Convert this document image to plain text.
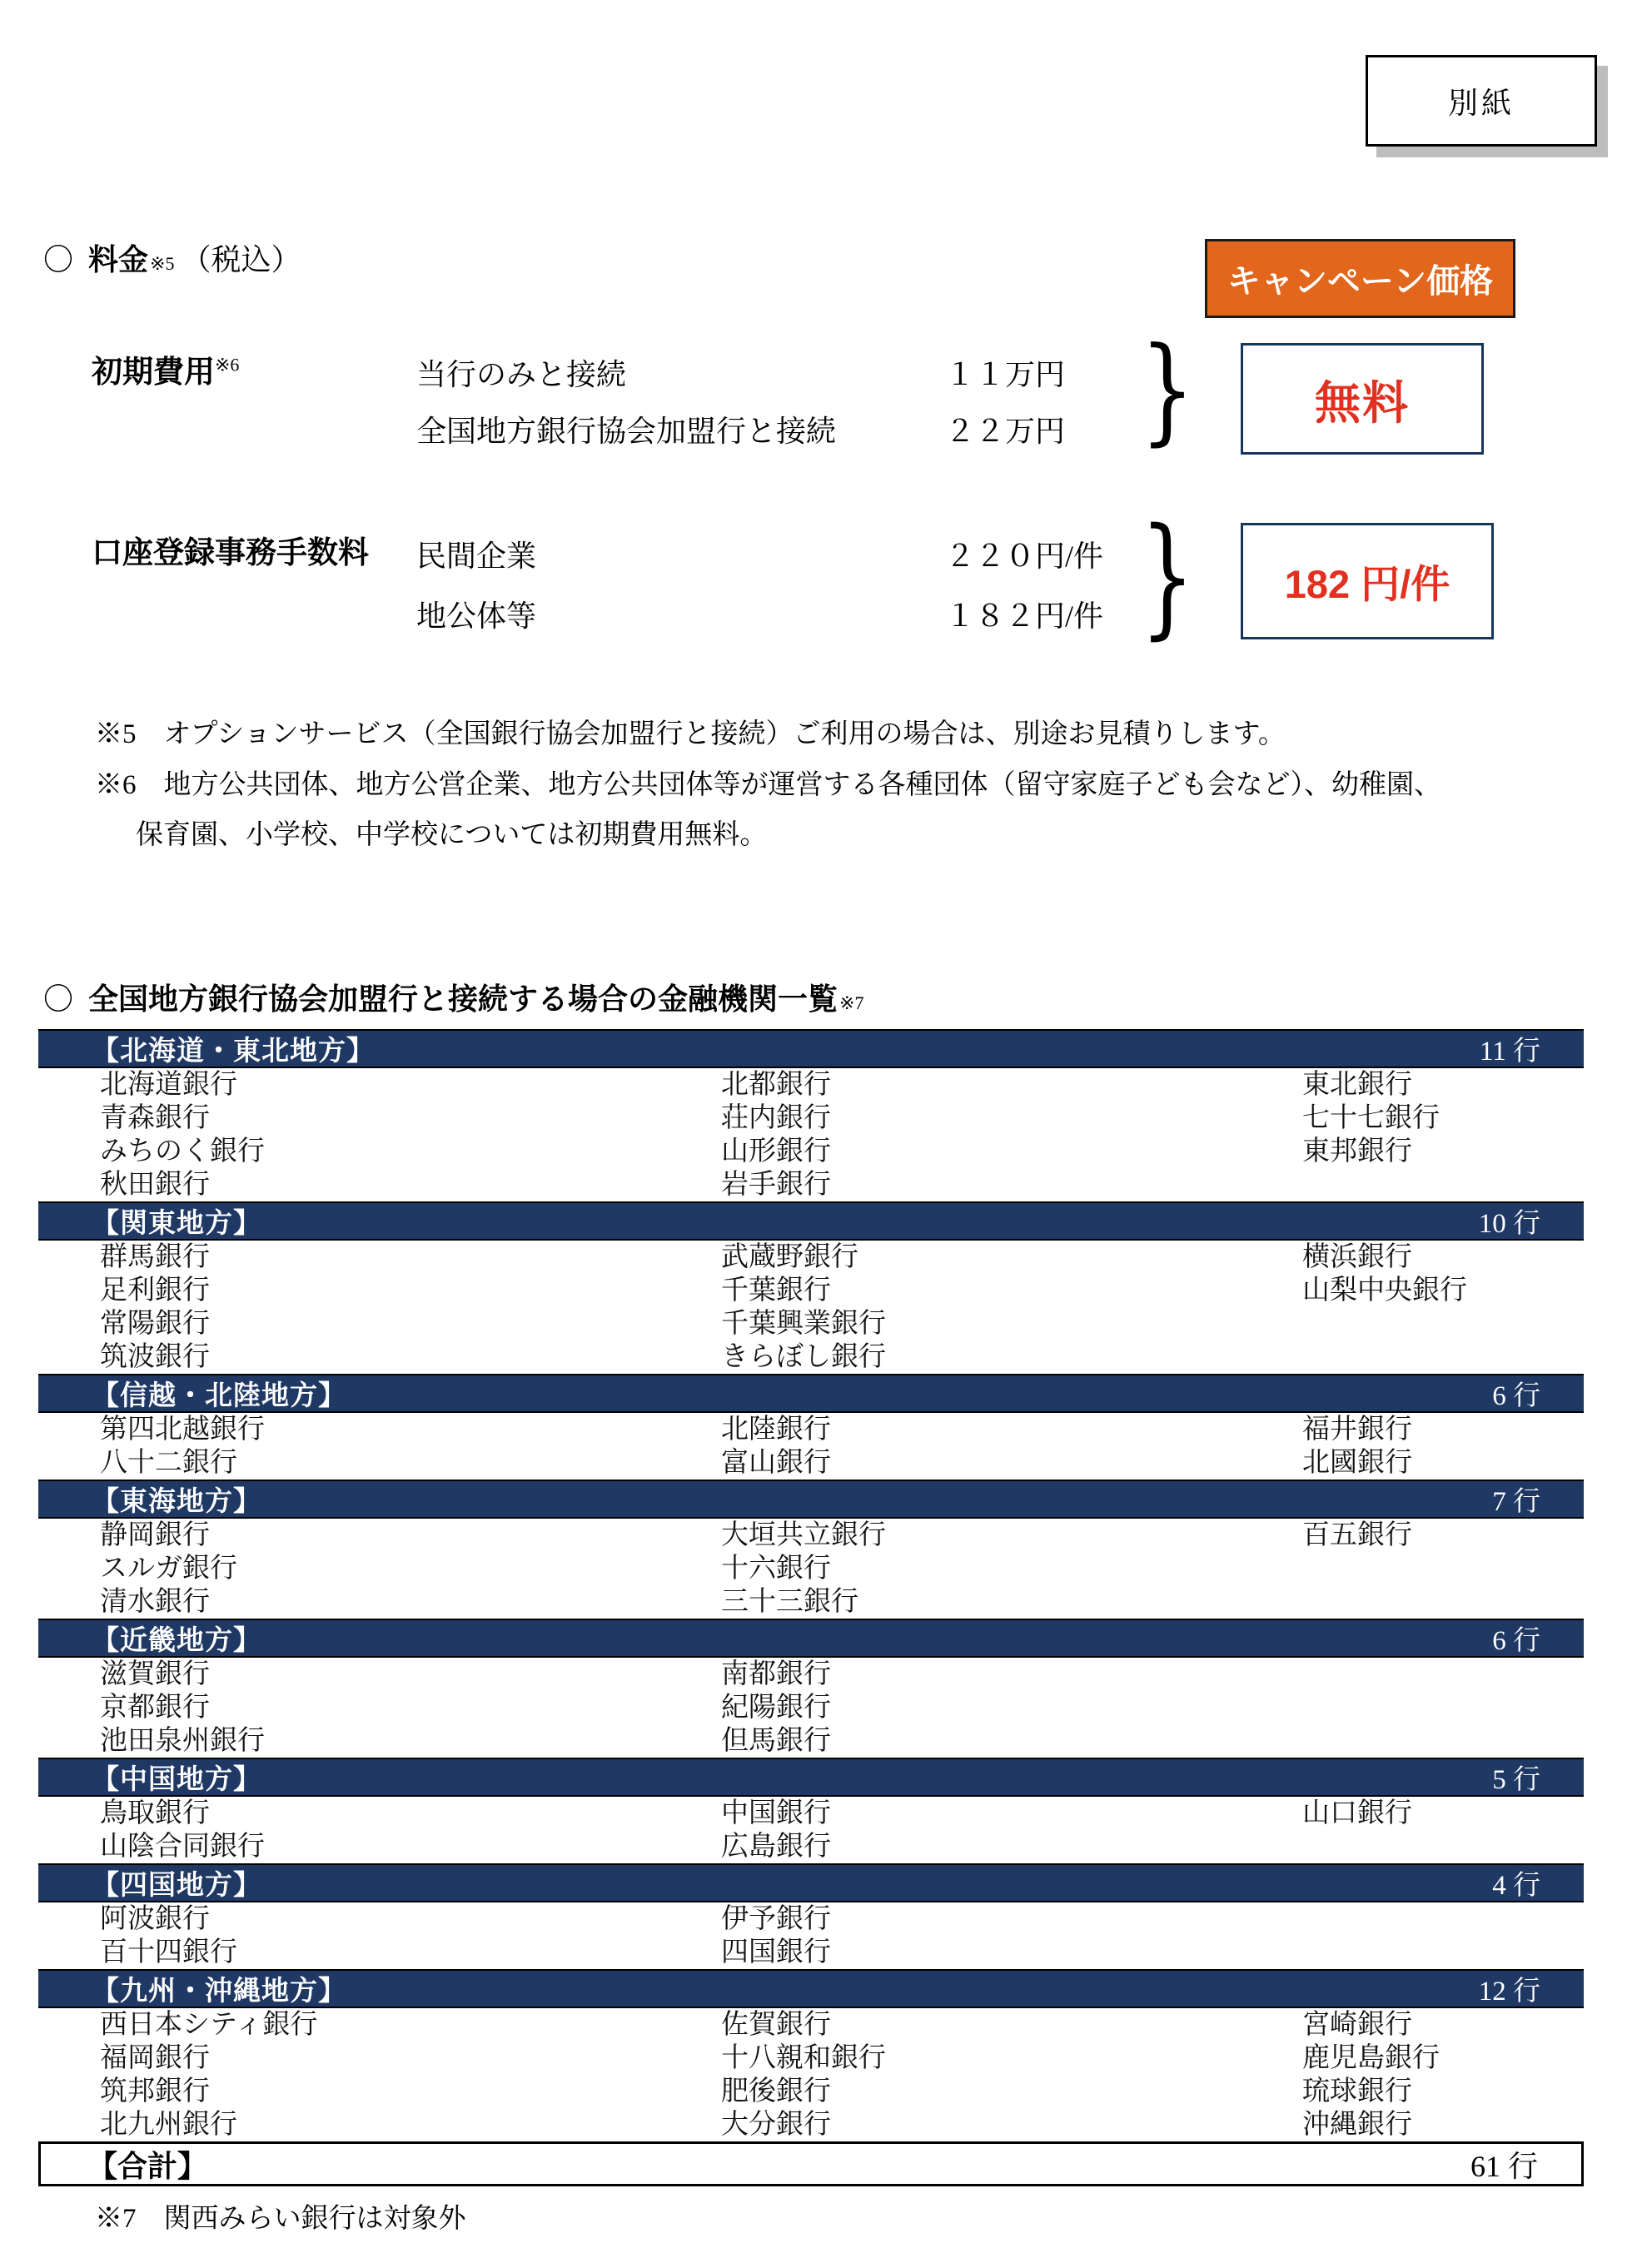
別紙
〇 料金$_{※5}$ （税込）
キャンペーン価格
初期費用$^{※6}$	当行のみと接続	１１万円
全国地方銀行協会加盟行と接続	２２万円 }	無料
口座登録事務手数料 民間企業	２２０円/件
地公体等	１８２円/件 } 182 円/件
※5　オプションサービス（全国銀行協会加盟行と接続）ご利用の場合は、別途お見積りします。
※6　地方公共団体、地方公営企業、地方公共団体等が運営する各種団体（留守家庭子ども会など）、幼稚園、
保育園、小学校、中学校については初期費用無料。
〇 全国地方銀行協会加盟行と接続する場合の金融機関一覧$_{※7}$
【北海道・東北地方】	11 行
北海道銀行	北都銀行	東北銀行
青森銀行	荘内銀行	七十七銀行
みちのく銀行	山形銀行	東邦銀行
秋田銀行	岩手銀行
【関東地方】	10 行
群馬銀行	武蔵野銀行	横浜銀行
足利銀行	千葉銀行	山梨中央銀行
常陽銀行	千葉興業銀行
筑波銀行	きらぼし銀行
【信越・北陸地方】	6 行
第四北越銀行	北陸銀行	福井銀行
八十二銀行	富山銀行	北國銀行
【東海地方】	7 行
静岡銀行	大垣共立銀行	百五銀行
スルガ銀行	十六銀行
清水銀行	三十三銀行
【近畿地方】	6 行
滋賀銀行	南都銀行
京都銀行	紀陽銀行
池田泉州銀行	但馬銀行
【中国地方】	5 行
鳥取銀行	中国銀行	山口銀行
山陰合同銀行	広島銀行
【四国地方】	4 行
阿波銀行	伊予銀行
百十四銀行	四国銀行
【九州・沖縄地方】	12 行
西日本シティ銀行	佐賀銀行	宮崎銀行
福岡銀行	十八親和銀行	鹿児島銀行
筑邦銀行	肥後銀行	琉球銀行
北九州銀行	大分銀行	沖縄銀行
【合計】	61 行
※7　関西みらい銀行は対象外
